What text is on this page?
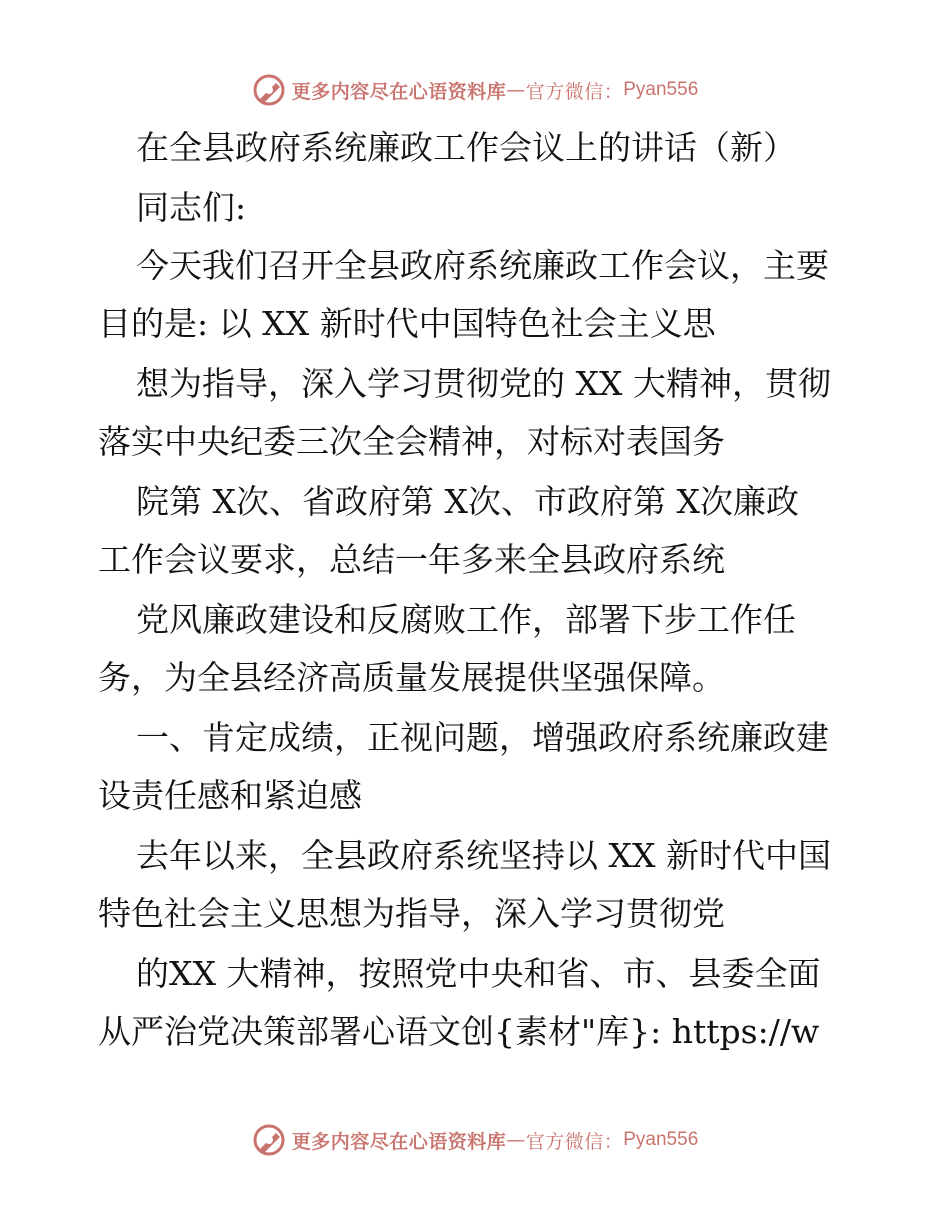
更多内容尽在心语资料库 — 官方微信： Pyan556
在全县政府系统廉政工作会议上的讲话（新）
同志们:
今天我们召开全县政府系统廉政工作会议，主要
目的是: 以 XX 新时代中国特色社会主义思
想为指导，深入学习贯彻党的 XX 大精神，贯彻
落实中央纪委三次全会精神，对标对表国务
院第 X次、省政府第 X次、市政府第 X次廉政
工作会议要求，总结一年多来全县政府系统
党风廉政建设和反腐败工作，部署下步工作任
务，为全县经济高质量发展提供坚强保障。
一、肯定成绩，正视问题，增强政府系统廉政建
设责任感和紧迫感
去年以来，全县政府系统坚持以 XX 新时代中国
特色社会主义思想为指导，深入学习贯彻党
的XX 大精神，按照党中央和省、市、县委全面
从严治党决策部署心语文创{素材"库}: https://w
更多内容尽在心语资料库 — 官方微信： Pyan556
